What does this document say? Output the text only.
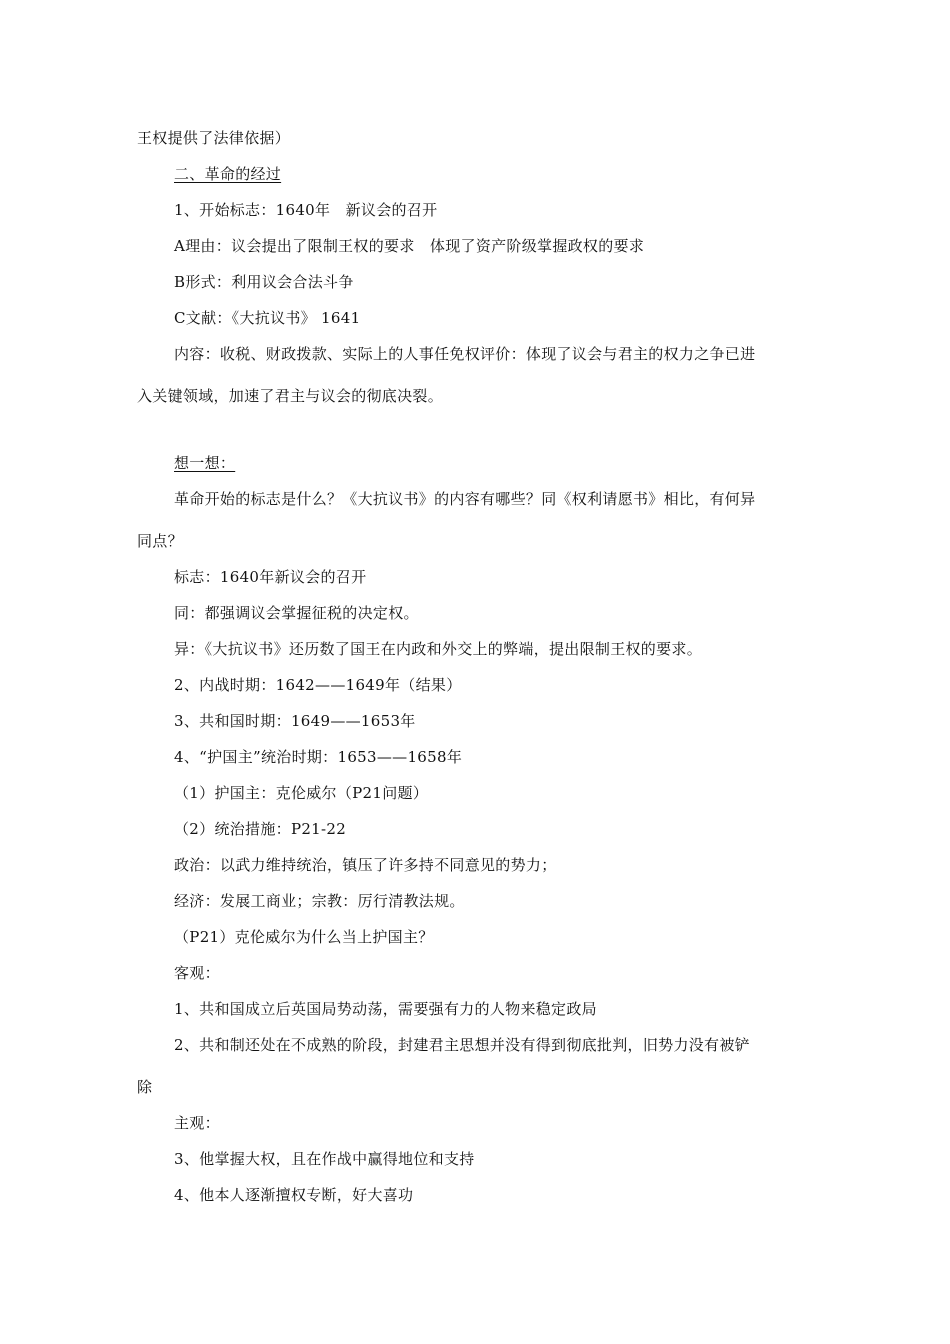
王权提供了法律依据）
二、革命的经过
1、开始标志：1640年　新议会的召开
A理由：议会提出了限制王权的要求　体现了资产阶级掌握政权的要求
B形式：利用议会合法斗争
C文献：《大抗议书》 1641
内容：收税、财政拨款、实际上的人事任免权评价：体现了议会与君主的权力之争已进
入关键领域，加速了君主与议会的彻底决裂。
想一想：
革命开始的标志是什么？《大抗议书》的内容有哪些？同《权利请愿书》相比，有何异
同点？
标志：1640年新议会的召开
同：都强调议会掌握征税的决定权。
异：《大抗议书》还历数了国王在内政和外交上的弊端，提出限制王权的要求。
2、内战时期：1642——1649年（结果）
3、共和国时期：1649——1653年
4、“护国主”统治时期：1653——1658年
（1）护国主：克伦威尔（P21问题）
（2）统治措施：P21-22
政治：以武力维持统治，镇压了许多持不同意见的势力；
经济：发展工商业；宗教：厉行清教法规。
（P21）克伦威尔为什么当上护国主？
客观：
1、共和国成立后英国局势动荡，需要强有力的人物来稳定政局
2、共和制还处在不成熟的阶段，封建君主思想并没有得到彻底批判，旧势力没有被铲
除
主观：
3、他掌握大权，且在作战中赢得地位和支持
4、他本人逐渐擅权专断，好大喜功
